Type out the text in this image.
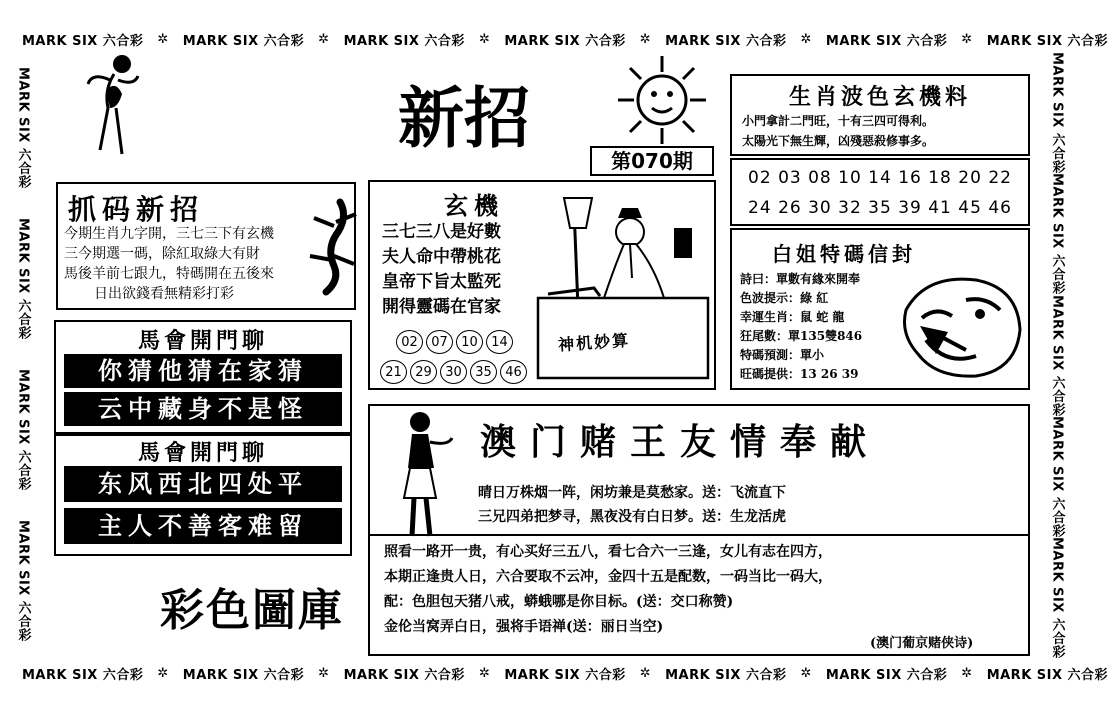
MARK SIX 六合彩 ✲ MARK SIX 六合彩 ✲ MARK SIX 六合彩 ✲ MARK SIX 六合彩 ✲ MARK SIX 六合彩 ✲ MARK SIX 六合彩 ✲ MARK SIX 六合彩
MARK SIX 六合彩 ✲ MARK SIX 六合彩 ✲ MARK SIX 六合彩 ✲ MARK SIX 六合彩 ✲ MARK SIX 六合彩 ✲ MARK SIX 六合彩 ✲ MARK SIX 六合彩
MARK SIX 六合彩
MARK SIX 六合彩
MARK SIX 六合彩
MARK SIX 六合彩
MARK SIX 六合彩
MARK SIX 六合彩
MARK SIX 六合彩
MARK SIX 六合彩
MARK SIX 六合彩
新招
第070期
抓码新招
今期生肖九字開，三七三下有玄機
三今期選一碼，除紅取綠大有財
馬後羊前七跟九，特碼開在五後來
日出欲錢看無精彩打彩
馬會開門聊
你猜他猜在家猜
云中藏身不是怪
馬會開門聊
东风西北四处平
主人不善客难留
彩色圖庫
玄機
三七三八是好數
夫人命中帶桃花
皇帝下旨太監死
開得靈碼在官家
02 07 10 14
21 29 30 35 46
神机妙算
生肖波色玄機料
小門拿計二門旺，十有三四可得利。
太陽光下無生輝，凶殘惡殺修事多。
02 03 08 10 14 16 18 20 22
24 26 30 32 35 39 41 45 46
白姐特碼信封
詩曰：單數有緣來開奉
色波提示：綠 紅
幸運生肖：鼠 蛇 龍
狂尾數：單135雙846
特碼預測：單小
旺碼提供：13 26 39
澳门赌王友情奉献
晴日万株烟一阵，闲坊兼是莫愁家。送：飞流直下
三兄四弟把梦寻，黑夜没有白日梦。送：生龙活虎
照看一路开一贵，有心买好三五八，看七合六一三逢，女儿有志在四方，
本期正逢贵人日，六合要取不云冲，金四十五是配数，一码当比一码大，
配：色胆包天猪八戒，蟒蛾哪是你目标。(送：交口称赞)
金伦当窝弄白日，强将手语禅(送：丽日当空)
(澳门葡京赌侠诗)
